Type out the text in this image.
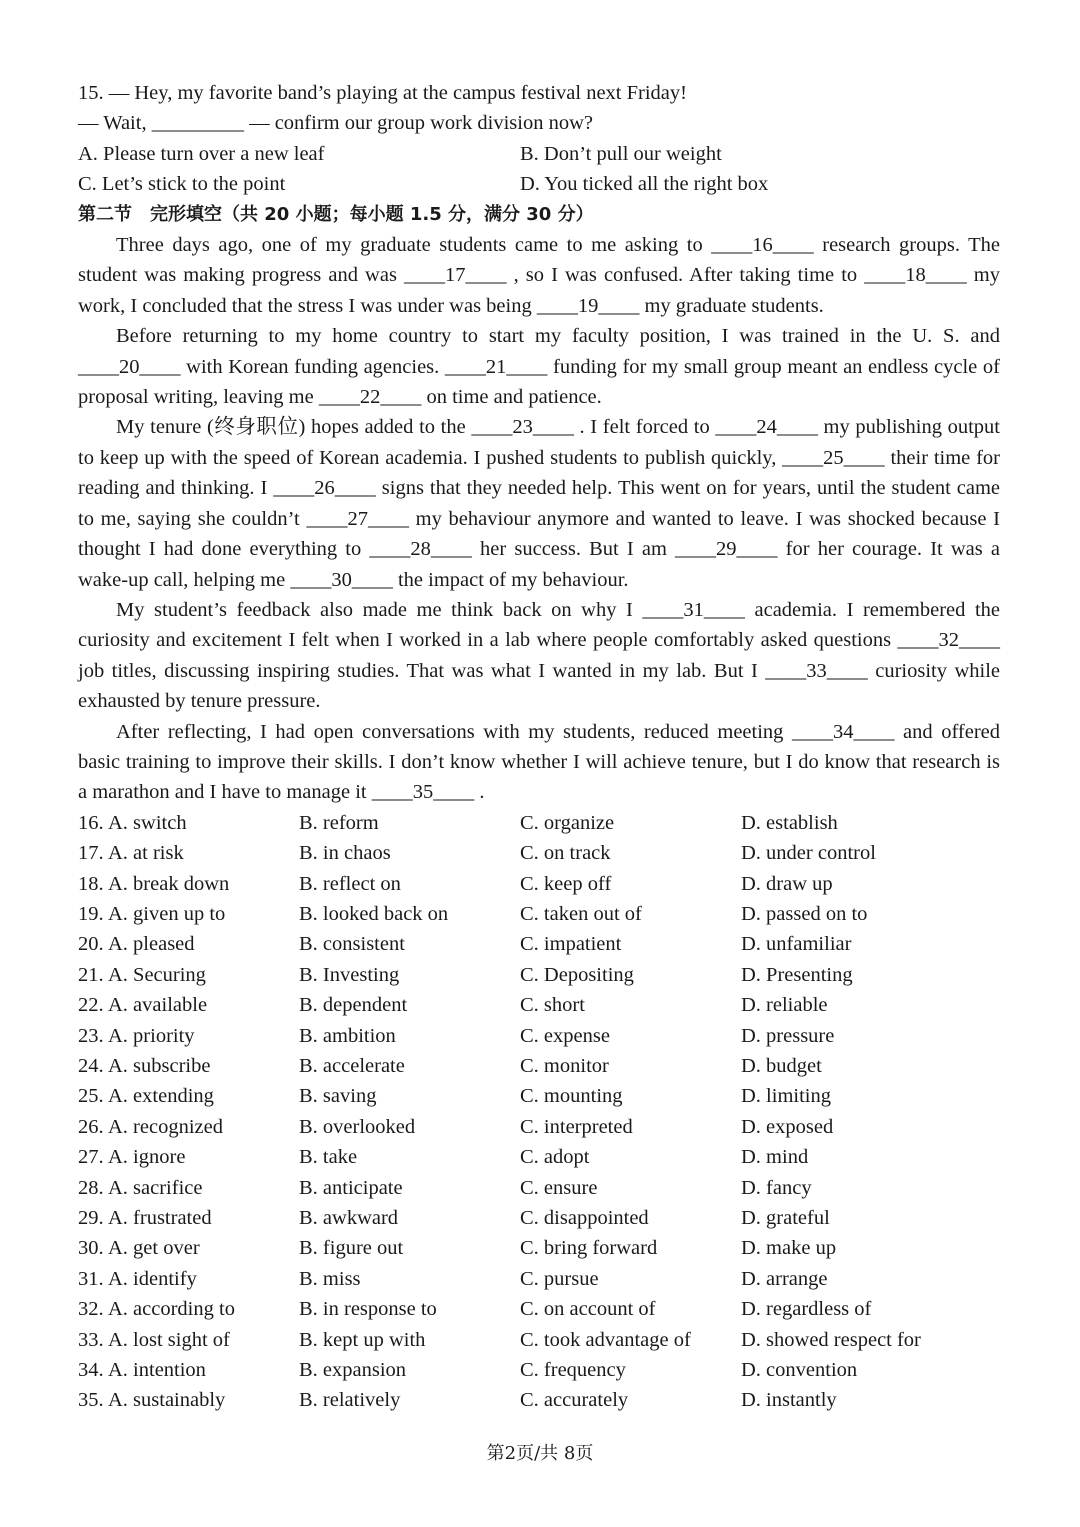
15. — Hey, my favorite band’s playing at the campus festival next Friday!
— Wait, _________ — confirm our group work division now?
A. Please turn over a new leaf	B. Don’t pull our weight
C. Let’s stick to the point	D. You ticked all the right box
第二节　完形填空（共 20 小题；每小题 1.5 分，满分 30 分）

Three days ago, one of my graduate students came to me asking to ____16____ research groups. The student was making progress and was ____17____ , so I was confused. After taking time to ____18____ my work, I concluded that the stress I was under was being ____19____ my graduate students.

Before returning to my home country to start my faculty position, I was trained in the U. S. and ____20____ with Korean funding agencies. ____21____ funding for my small group meant an endless cycle of proposal writing, leaving me ____22____ on time and patience.

My tenure (终身职位) hopes added to the ____23____ . I felt forced to ____24____ my publishing output to keep up with the speed of Korean academia. I pushed students to publish quickly, ____25____ their time for reading and thinking. I ____26____ signs that they needed help. This went on for years, until the student came to me, saying she couldn’t ____27____ my behaviour anymore and wanted to leave. I was shocked because I thought I had done everything to ____28____ her success. But I am ____29____ for her courage. It was a wake-up call, helping me ____30____ the impact of my behaviour.

My student’s feedback also made me think back on why I ____31____ academia. I remembered the curiosity and excitement I felt when I worked in a lab where people comfortably asked questions ____32____ job titles, discussing inspiring studies. That was what I wanted in my lab. But I ____33____ curiosity while exhausted by tenure pressure.

After reflecting, I had open conversations with my students, reduced meeting ____34____ and offered basic training to improve their skills. I don’t know whether I will achieve tenure, but I do know that research is a marathon and I have to manage it ____35____ .

16. A. switch	B. reform	C. organize	D. establish
17. A. at risk	B. in chaos	C. on track	D. under control
18. A. break down	B. reflect on	C. keep off	D. draw up
19. A. given up to	B. looked back on	C. taken out of	D. passed on to
20. A. pleased	B. consistent	C. impatient	D. unfamiliar
21. A. Securing	B. Investing	C. Depositing	D. Presenting
22. A. available	B. dependent	C. short	D. reliable
23. A. priority	B. ambition	C. expense	D. pressure
24. A. subscribe	B. accelerate	C. monitor	D. budget
25. A. extending	B. saving	C. mounting	D. limiting
26. A. recognized	B. overlooked	C. interpreted	D. exposed
27. A. ignore	B. take	C. adopt	D. mind
28. A. sacrifice	B. anticipate	C. ensure	D. fancy
29. A. frustrated	B. awkward	C. disappointed	D. grateful
30. A. get over	B. figure out	C. bring forward	D. make up
31. A. identify	B. miss	C. pursue	D. arrange
32. A. according to	B. in response to	C. on account of	D. regardless of
33. A. lost sight of	B. kept up with	C. took advantage of	D. showed respect for
34. A. intention	B. expansion	C. frequency	D. convention
35. A. sustainably	B. relatively	C. accurately	D. instantly
第2页/共 8页
